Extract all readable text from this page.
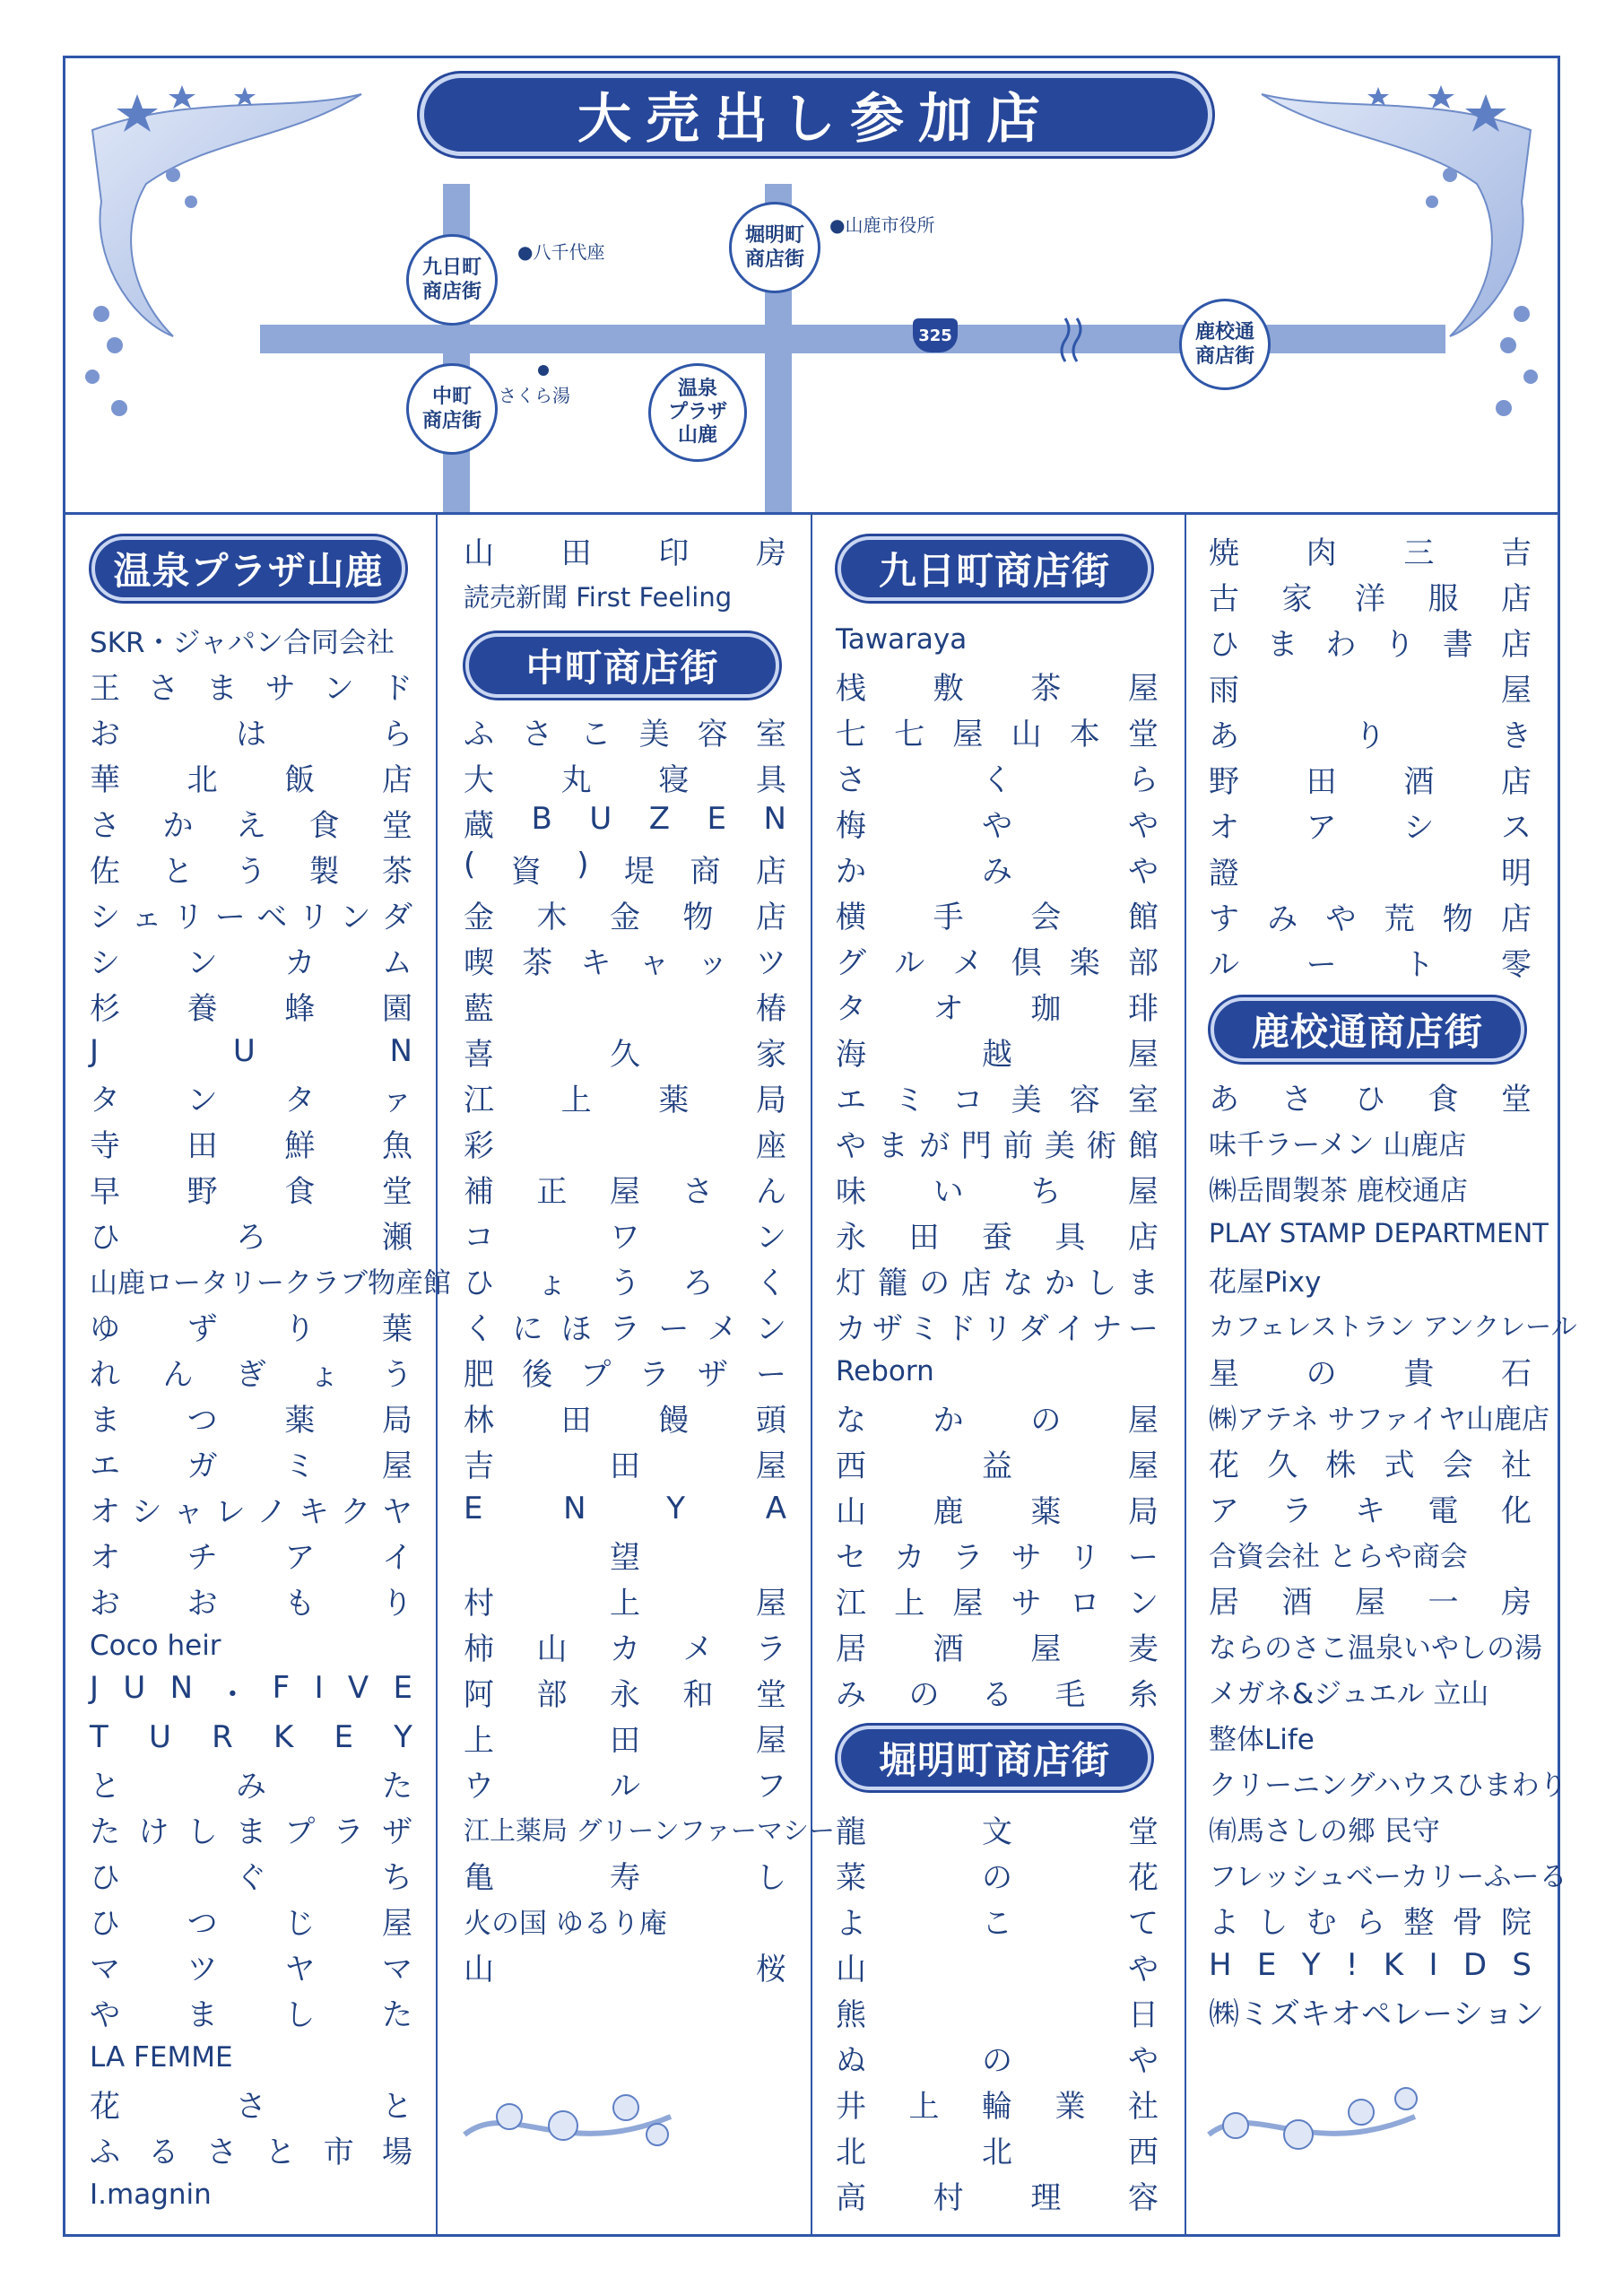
大売出し参加店
九日町
商店街
堀明町
商店街
中町
商店街
温泉
プラザ
山鹿
鹿校通
商店街
●八千代座
●山鹿市役所
さくら湯
325
温泉プラザ山鹿
SKR・ジャパン合同会社
王 さ ま サ ン ド
お	は	ら
華 北 飯 店
さ か え 食 堂
佐 と う 製 茶
シ ェ リ ー ベ リ ン ダ
シ ン カ ム
杉 養 蜂 園
J	U	N
タ ン タ ァ
寺 田 鮮 魚
早 野 食 堂
ひ	ろ	瀬
山鹿ロータリークラブ物産館
ゆ ず り 葉
れ ん ぎ ょ う
ま つ 薬 局
エ ガ ミ 屋
オ シ ャ レ ノ キ ク ヤ
オ チ ア イ
お お も り
Coco heir
J U N ・ F I V E
T U R K E Y
と	み	た
た け し ま プ ラ ザ
ひ	ぐ	ち
ひ つ じ 屋
マ ツ ヤ マ
や ま し た
LA FEMME
花	さ	と
ふ る さ と 市 場
I.magnin
山 田 印 房
読売新聞 First Feeling
中町商店街
ふ さ こ 美 容 室
大 丸 寝 具
蔵 B U Z E N
( 資 ) 堤 商 店
金 木 金 物 店
喫 茶 キ ャ ッ ツ
藍	椿
喜	久	家
江 上 薬 局
彩	座
補 正 屋 さ ん
コ	ワ	ン
ひ ょ う ろ く
く に ほ ラ ー メ ン
肥 後 プ ラ ザ ー
林 田 饅 頭
吉	田	屋
E	N	Y	A
望
村	上	屋
柿 山 カ メ ラ
阿 部 永 和 堂
上	田	屋
ウ	ル	フ
江上薬局 グリーンファーマシー
亀	寿	し
火の国 ゆるり庵
山	桜
九日町商店街
Tawaraya
桟 敷 茶 屋
七 七 屋 山 本 堂
さ	く	ら
梅	や	や
か	み	や
横 手 会 館
グ ル メ 倶 楽 部
タ オ 珈 琲
海	越	屋
エ ミ コ 美 容 室
や ま が 門 前 美 術 館
味 い ち 屋
永 田 蚕 具 店
灯 籠 の 店 な か し ま
カ ザ ミ ド リ ダ イ ナ ー
Reborn
な か の 屋
西	益	屋
山 鹿 薬 局
セ カ ラ サ リ ー
江 上 屋 サ ロ ン
居 酒 屋 麦
み の る 毛 糸
堀明町商店街
龍	文	堂
菜	の	花
よ	こ	て
山	や
熊	日
ぬ	の	や
井 上 輪 業 社
北	北	西
高 村 理 容
焼 肉 三 吉
古 家 洋 服 店
ひ ま わ り 書 店
雨	屋
あ	り	き
野 田 酒 店
オ ア シ ス
證	明
す み や 荒 物 店
ル ー ト 零
鹿校通商店街
あ さ ひ 食 堂
味千ラーメン 山鹿店
㈱岳間製茶 鹿校通店
PLAY STAMP DEPARTMENT
花屋Pixy
カフェレストラン アンクレール
星 の 貴 石
㈱アテネ サファイヤ山鹿店
花 久 株 式 会 社
ア ラ キ 電 化
合資会社 とらや商会
居 酒 屋 一 房
ならのさこ温泉いやしの湯
メガネ&ジュエル 立山
整体Life
クリーニングハウスひまわり
㈲馬さしの郷 民守
フレッシュベーカリーふーる
よ し む ら 整 骨 院
H E Y ! K I D S
㈱ ミ ズ キ オ ペ レ ー シ ョ ン
